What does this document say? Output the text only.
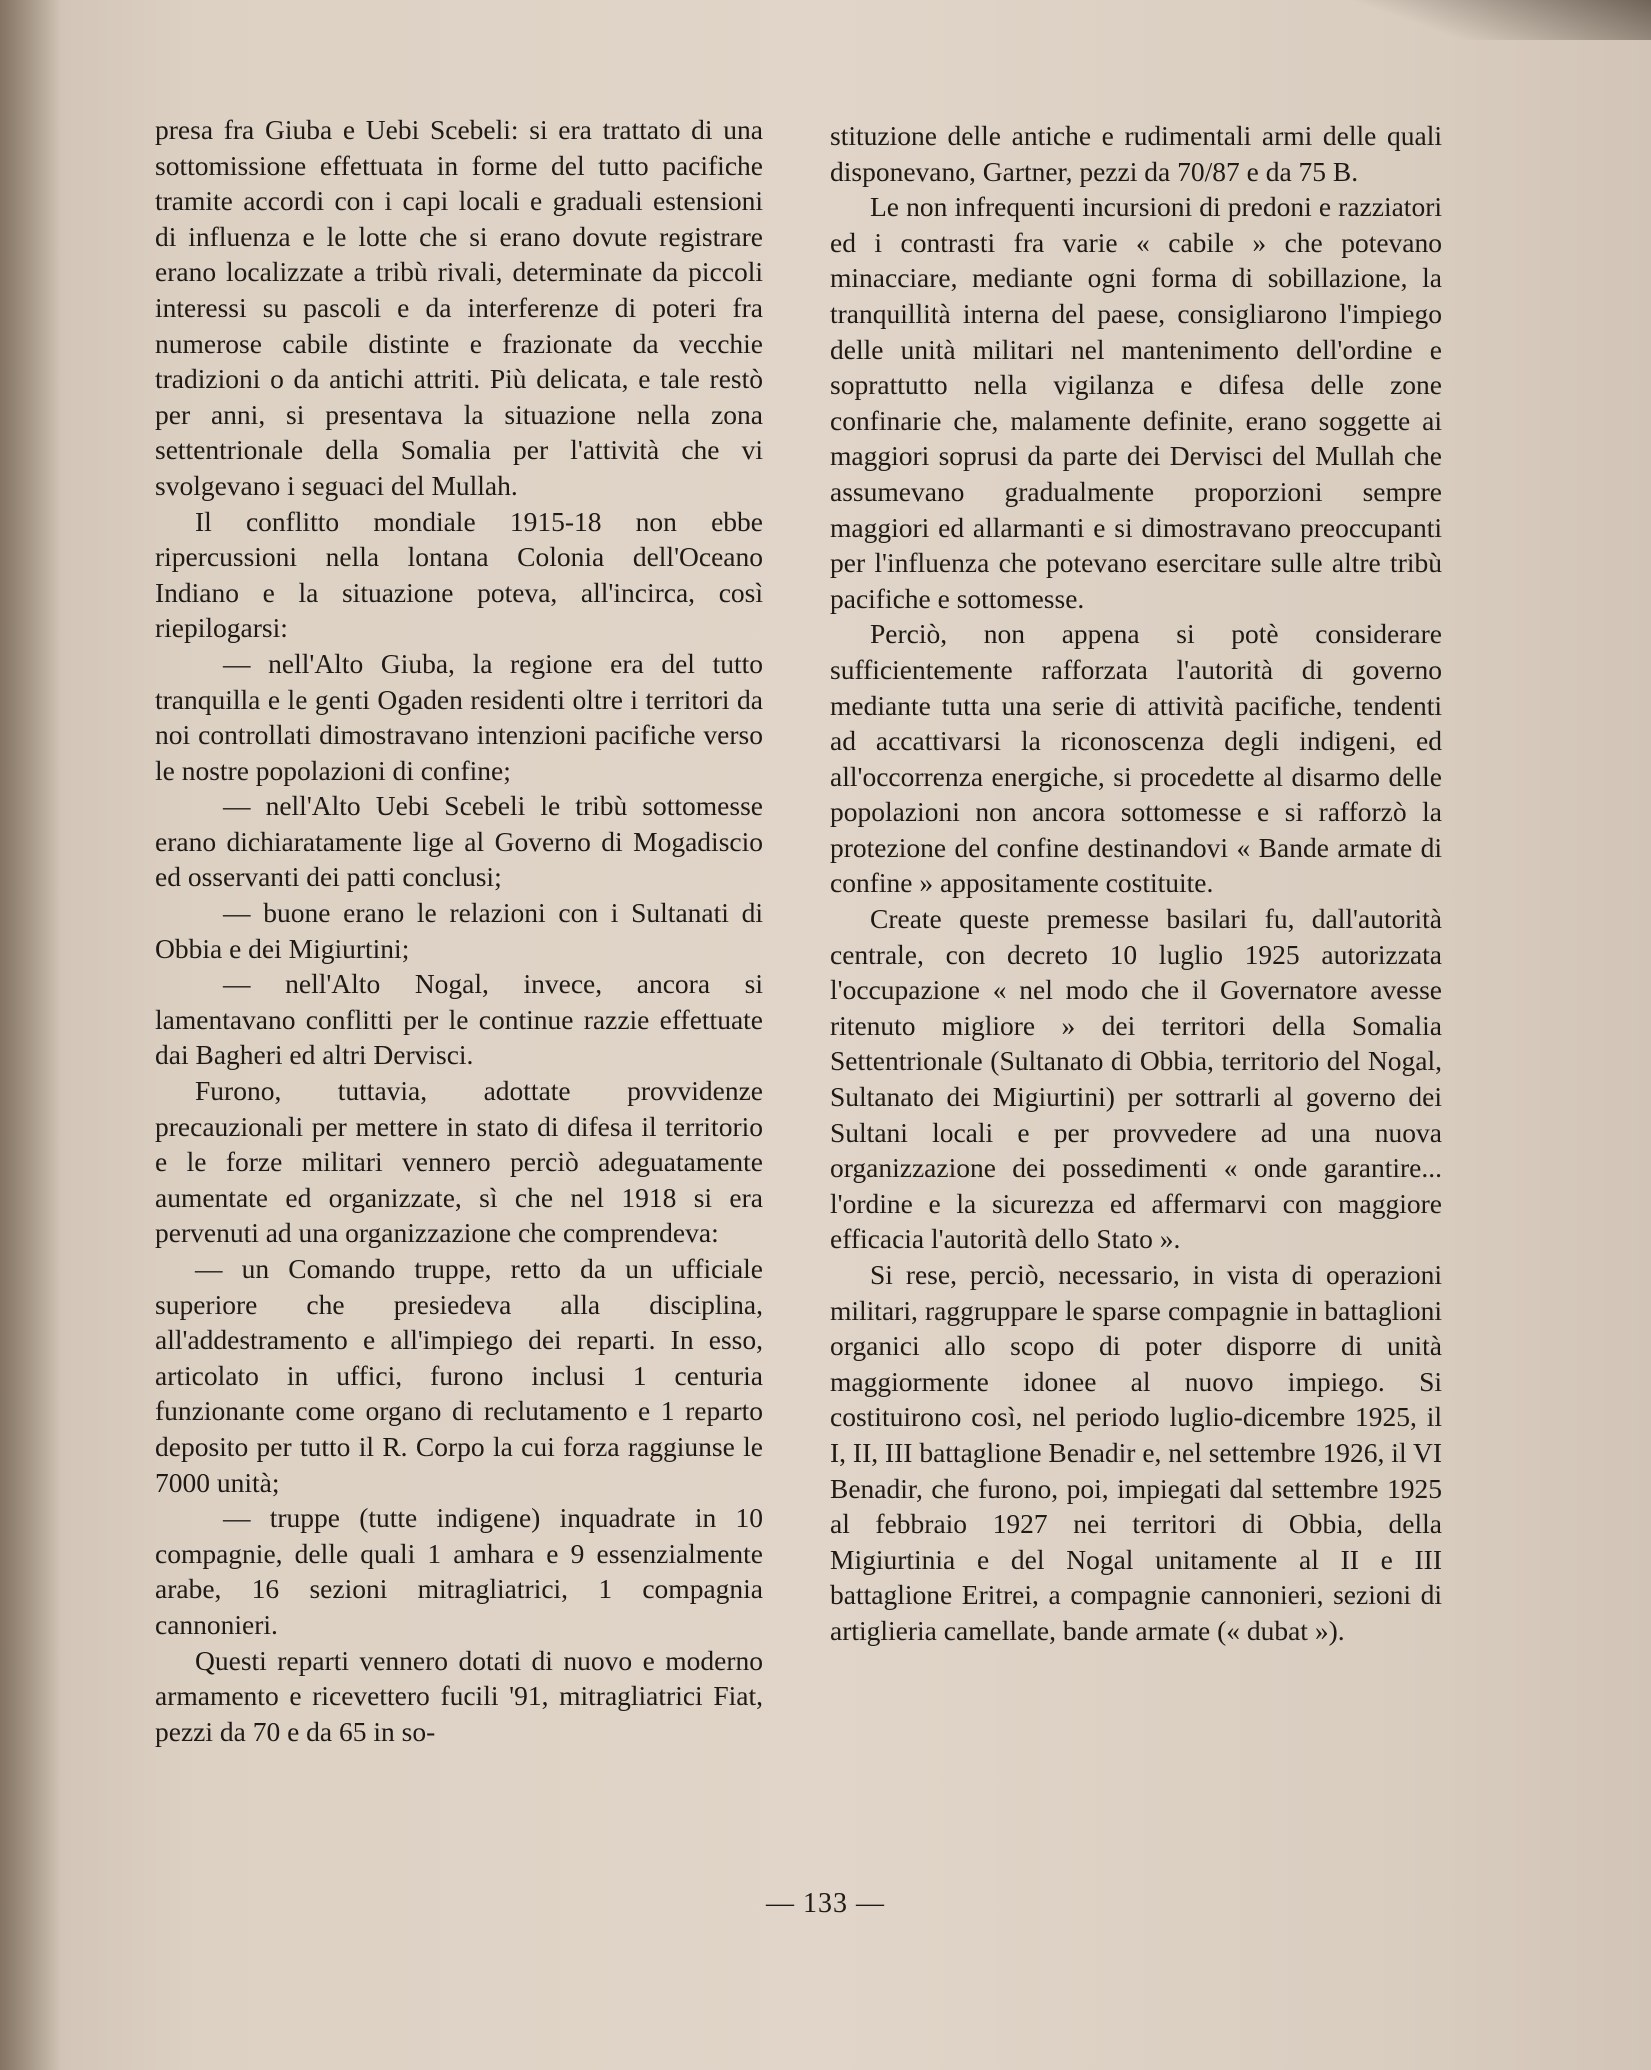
presa fra Giuba e Uebi Scebeli: si era trattato di una sottomissione effettuata in forme del tutto pacifiche tramite accordi con i capi locali e graduali estensioni di influenza e le lotte che si erano dovute registrare erano localizzate a tribù rivali, determinate da piccoli interessi su pascoli e da interferenze di poteri fra numerose cabile distinte e frazionate da vecchie tradizioni o da antichi attriti. Più delicata, e tale restò per anni, si presentava la situazione nella zona settentrionale della Somalia per l'attività che vi svolgevano i seguaci del Mullah.

Il conflitto mondiale 1915-18 non ebbe ripercussioni nella lontana Colonia dell'Oceano Indiano e la situazione poteva, all'incirca, così riepilogarsi:

— nell'Alto Giuba, la regione era del tutto tranquilla e le genti Ogaden residenti oltre i territori da noi controllati dimostravano intenzioni pacifiche verso le nostre popolazioni di confine;

— nell'Alto Uebi Scebeli le tribù sottomesse erano dichiaratamente lige al Governo di Mogadiscio ed osservanti dei patti conclusi;

— buone erano le relazioni con i Sultanati di Obbia e dei Migiurtini;

— nell'Alto Nogal, invece, ancora si lamentavano conflitti per le continue razzie effettuate dai Bagheri ed altri Dervisci.

Furono, tuttavia, adottate provvidenze precauzionali per mettere in stato di difesa il territorio e le forze militari vennero perciò adeguatamente aumentate ed organizzate, sì che nel 1918 si era pervenuti ad una organizzazione che comprendeva:

— un Comando truppe, retto da un ufficiale superiore che presiedeva alla disciplina, all'addestramento e all'impiego dei reparti. In esso, articolato in uffici, furono inclusi 1 centuria funzionante come organo di reclutamento e 1 reparto deposito per tutto il R. Corpo la cui forza raggiunse le 7000 unità;

— truppe (tutte indigene) inquadrate in 10 compagnie, delle quali 1 amhara e 9 essenzialmente arabe, 16 sezioni mitragliatrici, 1 compagnia cannonieri.

Questi reparti vennero dotati di nuovo e moderno armamento e ricevettero fucili '91, mitragliatrici Fiat, pezzi da 70 e da 65 in so-

stituzione delle antiche e rudimentali armi delle quali disponevano, Gartner, pezzi da 70/87 e da 75 B.

Le non infrequenti incursioni di predoni e razziatori ed i contrasti fra varie « cabile » che potevano minacciare, mediante ogni forma di sobillazione, la tranquillità interna del paese, consigliarono l'impiego delle unità militari nel mantenimento dell'ordine e soprattutto nella vigilanza e difesa delle zone confinarie che, malamente definite, erano soggette ai maggiori soprusi da parte dei Dervisci del Mullah che assumevano gradualmente proporzioni sempre maggiori ed allarmanti e si dimostravano preoccupanti per l'influenza che potevano esercitare sulle altre tribù pacifiche e sottomesse.

Perciò, non appena si potè considerare sufficientemente rafforzata l'autorità di governo mediante tutta una serie di attività pacifiche, tendenti ad accattivarsi la riconoscenza degli indigeni, ed all'occorrenza energiche, si procedette al disarmo delle popolazioni non ancora sottomesse e si rafforzò la protezione del confine destinandovi « Bande armate di confine » appositamente costituite.

Create queste premesse basilari fu, dall'autorità centrale, con decreto 10 luglio 1925 autorizzata l'occupazione « nel modo che il Governatore avesse ritenuto migliore » dei territori della Somalia Settentrionale (Sultanato di Obbia, territorio del Nogal, Sultanato dei Migiurtini) per sottrarli al governo dei Sultani locali e per provvedere ad una nuova organizzazione dei possedimenti « onde garantire... l'ordine e la sicurezza ed affermarvi con maggiore efficacia l'autorità dello Stato ».

Si rese, perciò, necessario, in vista di operazioni militari, raggruppare le sparse compagnie in battaglioni organici allo scopo di poter disporre di unità maggiormente idonee al nuovo impiego. Si costituirono così, nel periodo luglio-dicembre 1925, il I, II, III battaglione Benadir e, nel settembre 1926, il VI Benadir, che furono, poi, impiegati dal settembre 1925 al febbraio 1927 nei territori di Obbia, della Migiurtinia e del Nogal unitamente al II e III battaglione Eritrei, a compagnie cannonieri, sezioni di artiglieria camellate, bande armate (« dubat »).

— 133 —
